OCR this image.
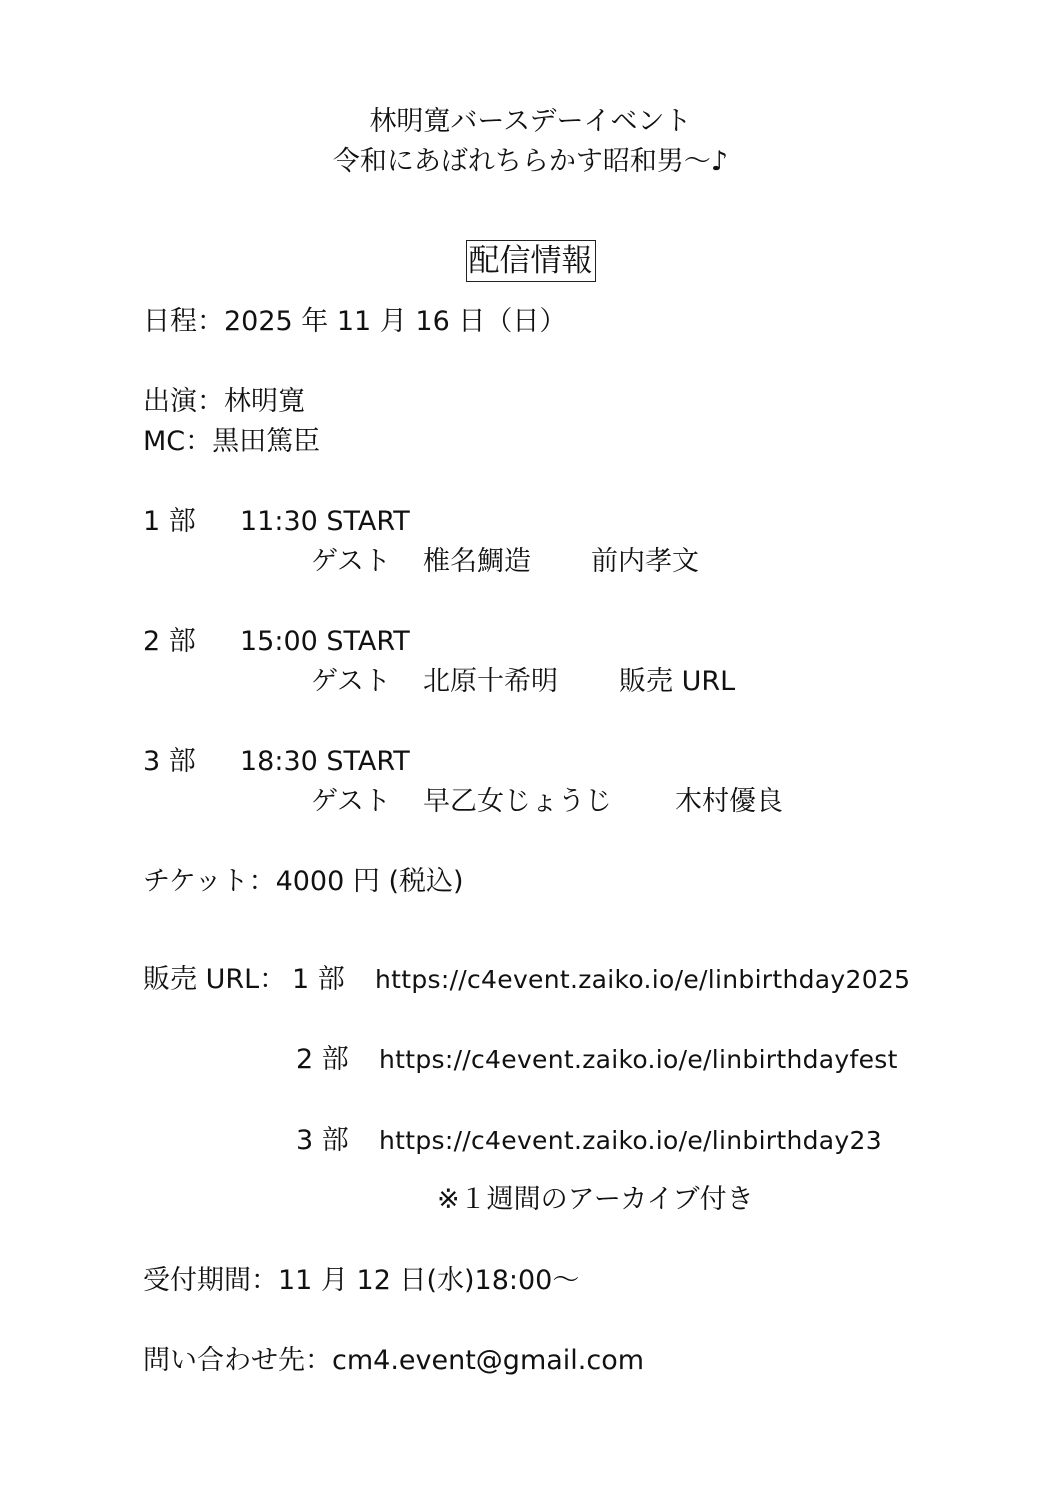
林明寛バースデーイベント
令和にあばれちらかす昭和男～♪
配信情報
日程：2025 年 11 月 16 日（日）
出演：林明寛
MC：黒田篤臣
1 部 11:30 START
ゲスト 椎名鯛造 前内孝文
2 部 15:00 START
ゲスト 北原十希明 販売 URL
3 部 18:30 START
ゲスト 早乙女じょうじ 木村優良
チケット：4000 円 (税込)
販売 URL： 1 部 https://c4event.zaiko.io/e/linbirthday2025
2 部 https://c4event.zaiko.io/e/linbirthdayfest
3 部 https://c4event.zaiko.io/e/linbirthday23
※１週間のアーカイブ付き
受付期間：11 月 12 日(水)18:00～
問い合わせ先：cm4.event@gmail.com
